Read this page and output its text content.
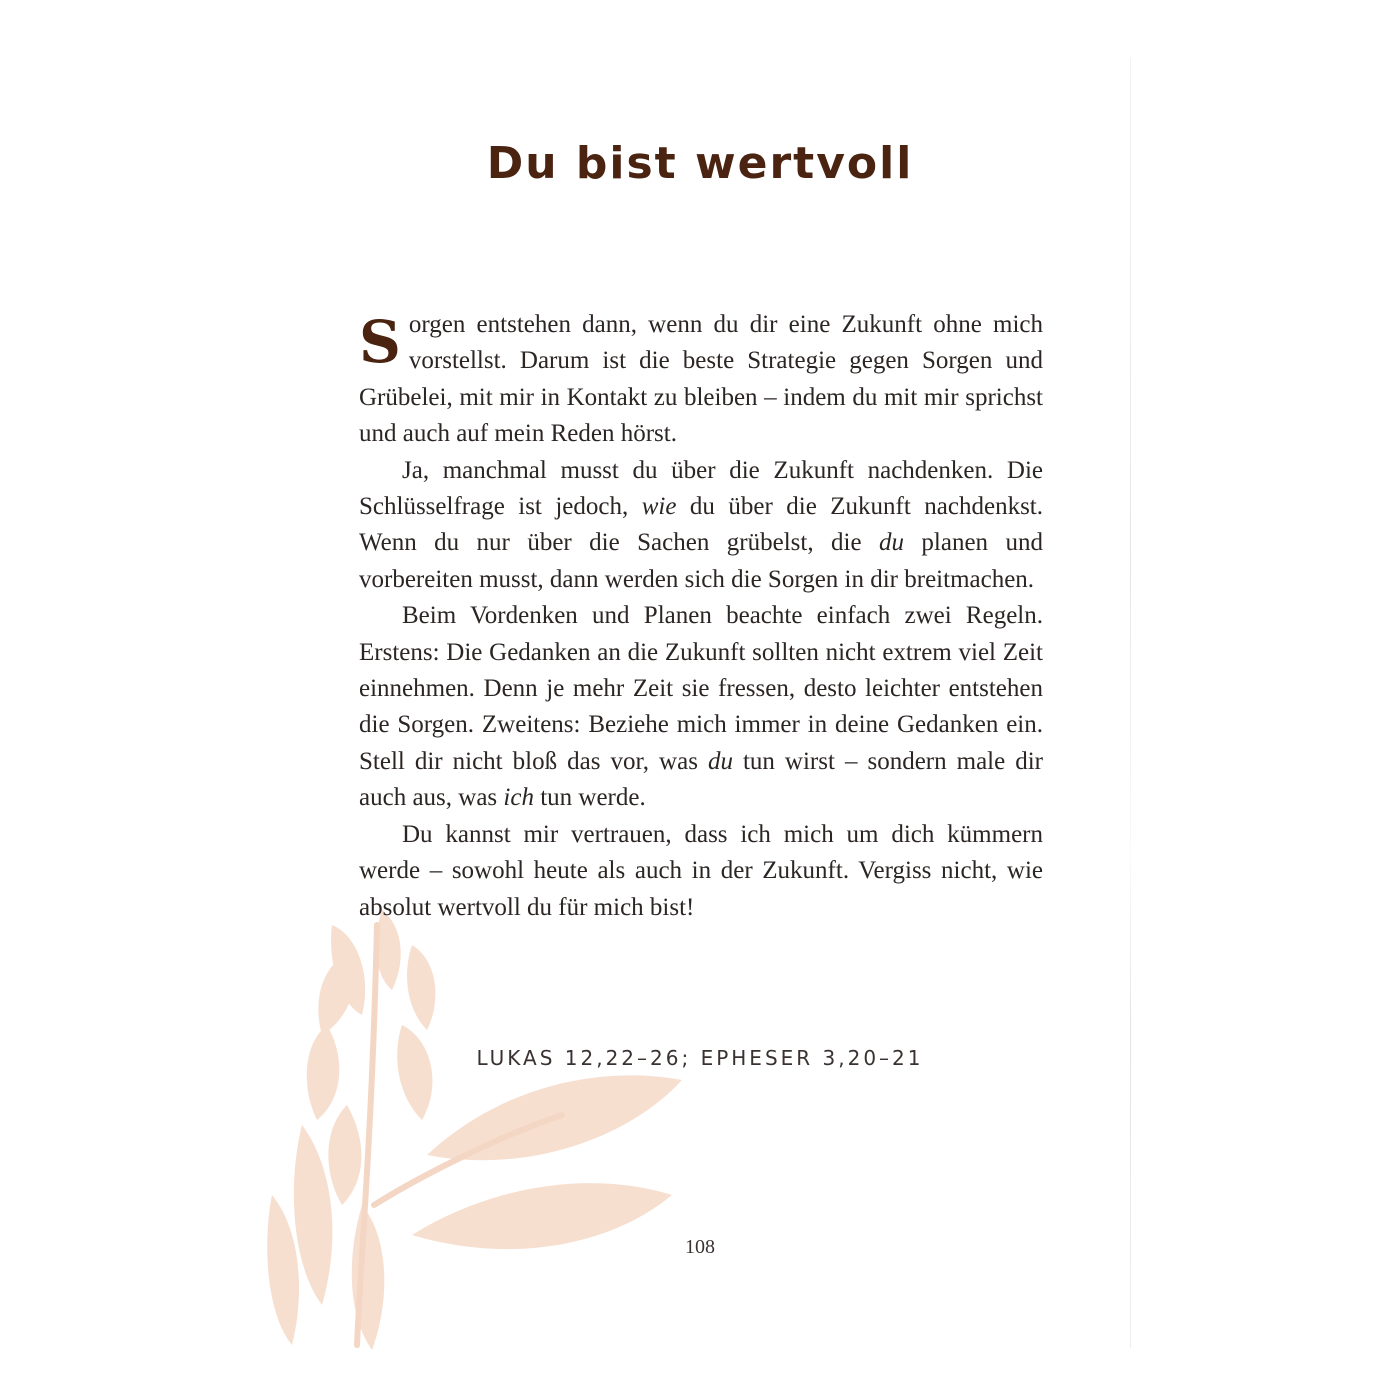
Du bist wertvoll

Sorgen entstehen dann, wenn du dir eine Zukunft ohne mich vorstellst. Darum ist die beste Strategie gegen Sorgen und Grübelei, mit mir in Kontakt zu bleiben – indem du mit mir sprichst und auch auf mein Reden hörst.

Ja, manchmal musst du über die Zukunft nachdenken. Die Schlüsselfrage ist jedoch, wie du über die Zukunft nachdenkst. Wenn du nur über die Sachen grübelst, die du planen und vorbereiten musst, dann werden sich die Sorgen in dir breitmachen.

Beim Vordenken und Planen beachte einfach zwei Regeln. Erstens: Die Gedanken an die Zukunft sollten nicht extrem viel Zeit einnehmen. Denn je mehr Zeit sie fressen, desto leichter entstehen die Sorgen. Zweitens: Beziehe mich immer in deine Gedanken ein. Stell dir nicht bloß das vor, was du tun wirst – sondern male dir auch aus, was ich tun werde.

Du kannst mir vertrauen, dass ich mich um dich kümmern werde – sowohl heute als auch in der Zukunft. Vergiss nicht, wie absolut wertvoll du für mich bist!

LUKAS 12,22–26; EPHESER 3,20–21
108
